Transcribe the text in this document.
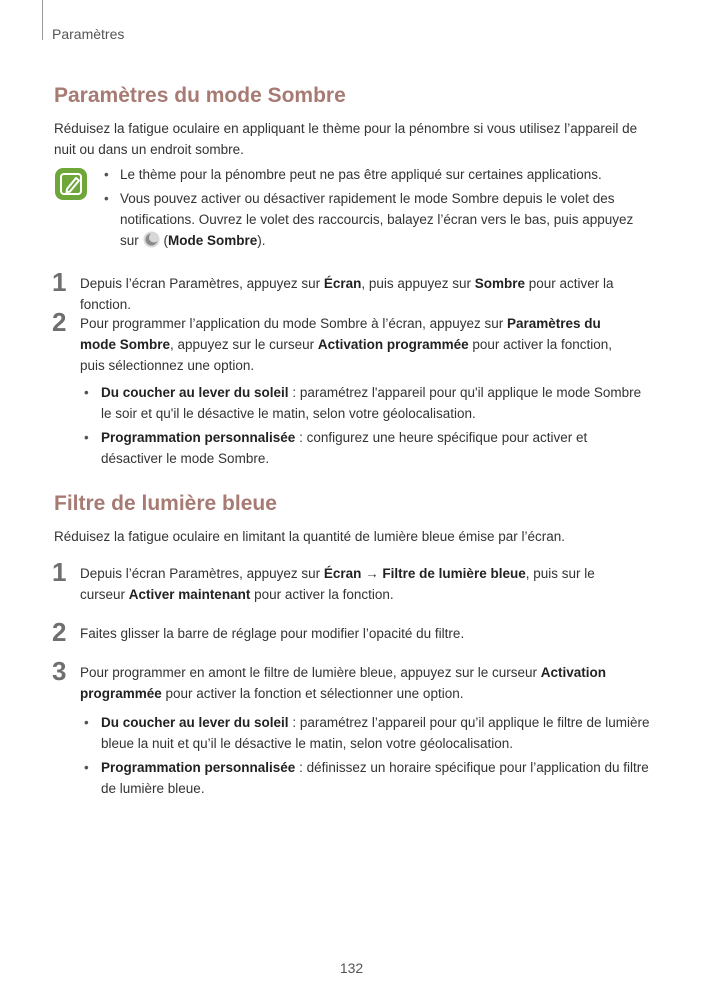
Paramètres
Paramètres du mode Sombre
Réduisez la fatigue oculaire en appliquant le thème pour la pénombre si vous utilisez l’appareil de nuit ou dans un endroit sombre.
• Le thème pour la pénombre peut ne pas être appliqué sur certaines applications.
• Vous pouvez activer ou désactiver rapidement le mode Sombre depuis le volet des notifications. Ouvrez le volet des raccourcis, balayez l’écran vers le bas, puis appuyez sur (Mode Sombre).
1 Depuis l’écran Paramètres, appuyez sur Écran, puis appuyez sur Sombre pour activer la fonction.
2 Pour programmer l’application du mode Sombre à l’écran, appuyez sur Paramètres du mode Sombre, appuyez sur le curseur Activation programmée pour activer la fonction, puis sélectionnez une option.
• Du coucher au lever du soleil : paramétrez l'appareil pour qu'il applique le mode Sombre le soir et qu'il le désactive le matin, selon votre géolocalisation.
• Programmation personnalisée : configurez une heure spécifique pour activer et désactiver le mode Sombre.
Filtre de lumière bleue
Réduisez la fatigue oculaire en limitant la quantité de lumière bleue émise par l’écran.
1 Depuis l’écran Paramètres, appuyez sur Écran → Filtre de lumière bleue, puis sur le curseur Activer maintenant pour activer la fonction.
2 Faites glisser la barre de réglage pour modifier l’opacité du filtre.
3 Pour programmer en amont le filtre de lumière bleue, appuyez sur le curseur Activation programmée pour activer la fonction et sélectionner une option.
• Du coucher au lever du soleil : paramétrez l’appareil pour qu’il applique le filtre de lumière bleue la nuit et qu’il le désactive le matin, selon votre géolocalisation.
• Programmation personnalisée : définissez un horaire spécifique pour l’application du filtre de lumière bleue.
132
